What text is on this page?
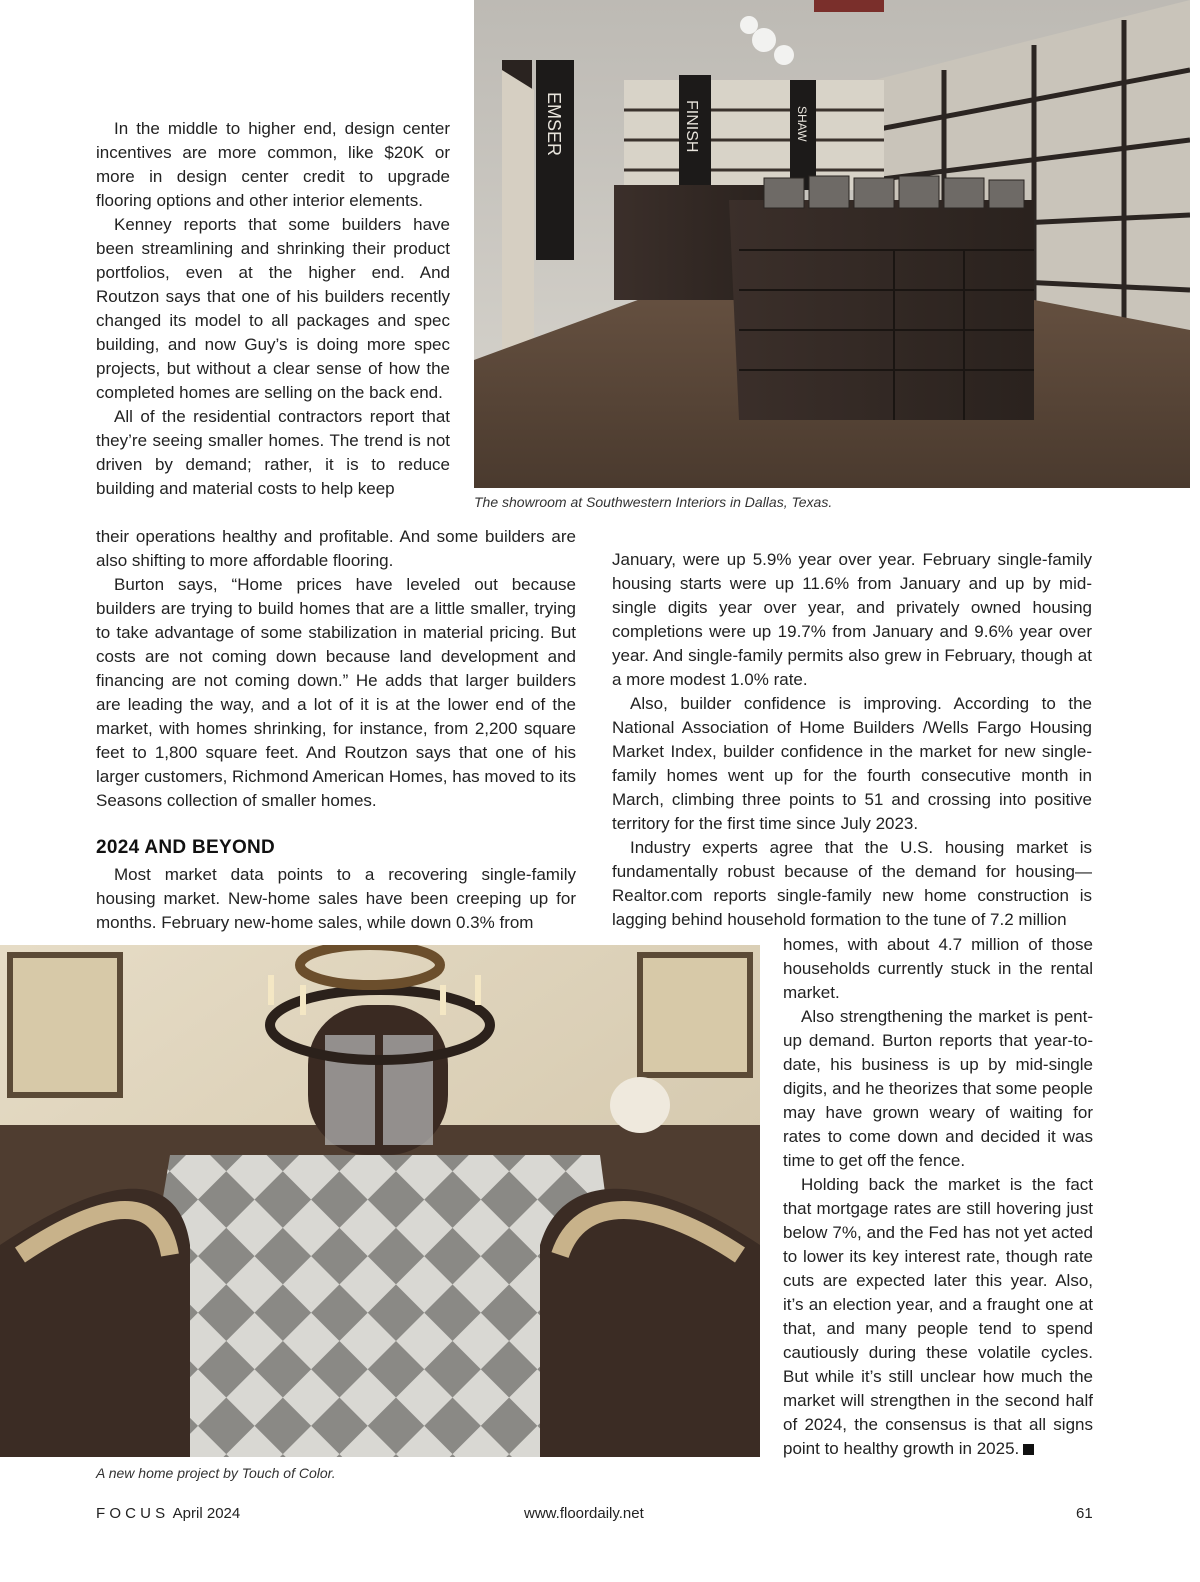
EMSER	FINISH	SHAW
The showroom at Southwestern Interiors in Dallas, Texas.

In the middle to higher end, design center incentives are more common, like $20K or more in design center credit to upgrade flooring options and other interior elements.

Kenney reports that some builders have been streamlining and shrinking their product portfolios, even at the higher end. And Routzon says that one of his builders recently changed its model to all packages and spec building, and now Guy’s is doing more spec projects, but without a clear sense of how the completed homes are selling on the back end.

All of the residential contractors report that they’re seeing smaller homes. The trend is not driven by demand; rather, it is to reduce building and material costs to help keep

their operations healthy and profitable. And some builders are also shifting to more affordable flooring.

Burton says, “Home prices have leveled out because builders are trying to build homes that are a little smaller, trying to take advantage of some stabilization in material pricing. But costs are not coming down because land development and financing are not coming down.” He adds that larger builders are leading the way, and a lot of it is at the lower end of the market, with homes shrinking, for instance, from 2,200 square feet to 1,800 square feet. And Routzon says that one of his larger customers, Richmond American Homes, has moved to its Seasons collection of smaller homes.

2024 AND BEYOND

Most market data points to a recovering single-family housing market. New-home sales have been creeping up for months. February new-home sales, while down 0.3% from

January, were up 5.9% year over year. February single-family housing starts were up 11.6% from January and up by mid-single digits year over year, and privately owned housing completions were up 19.7% from January and 9.6% year over year. And single-family permits also grew in February, though at a more modest 1.0% rate.

Also, builder confidence is improving. According to the National Association of Home Builders /Wells Fargo Housing Market Index, builder confidence in the market for new single-family homes went up for the fourth consecutive month in March, climbing three points to 51 and crossing into positive territory for the first time since July 2023.

Industry experts agree that the U.S. housing market is fundamentally robust because of the demand for housing—Realtor.com reports single-family new home construction is lagging behind household formation to the tune of 7.2 million

A new home project by Touch of Color.

homes, with about 4.7 million of those households currently stuck in the rental market.

Also strengthening the market is pent-up demand. Burton reports that year-to-date, his business is up by mid-single digits, and he theorizes that some people may have grown weary of waiting for rates to come down and decided it was time to get off the fence.

Holding back the market is the fact that mortgage rates are still hovering just below 7%, and the Fed has not yet acted to lower its key interest rate, though rate cuts are expected later this year. Also, it’s an election year, and a fraught one at that, and many people tend to spend cautiously during these volatile cycles. But while it’s still unclear how much the market will strengthen in the second half of 2024, the consensus is that all signs point to healthy growth in 2025.

F O C U S  April 2024	www.floordaily.net	61
